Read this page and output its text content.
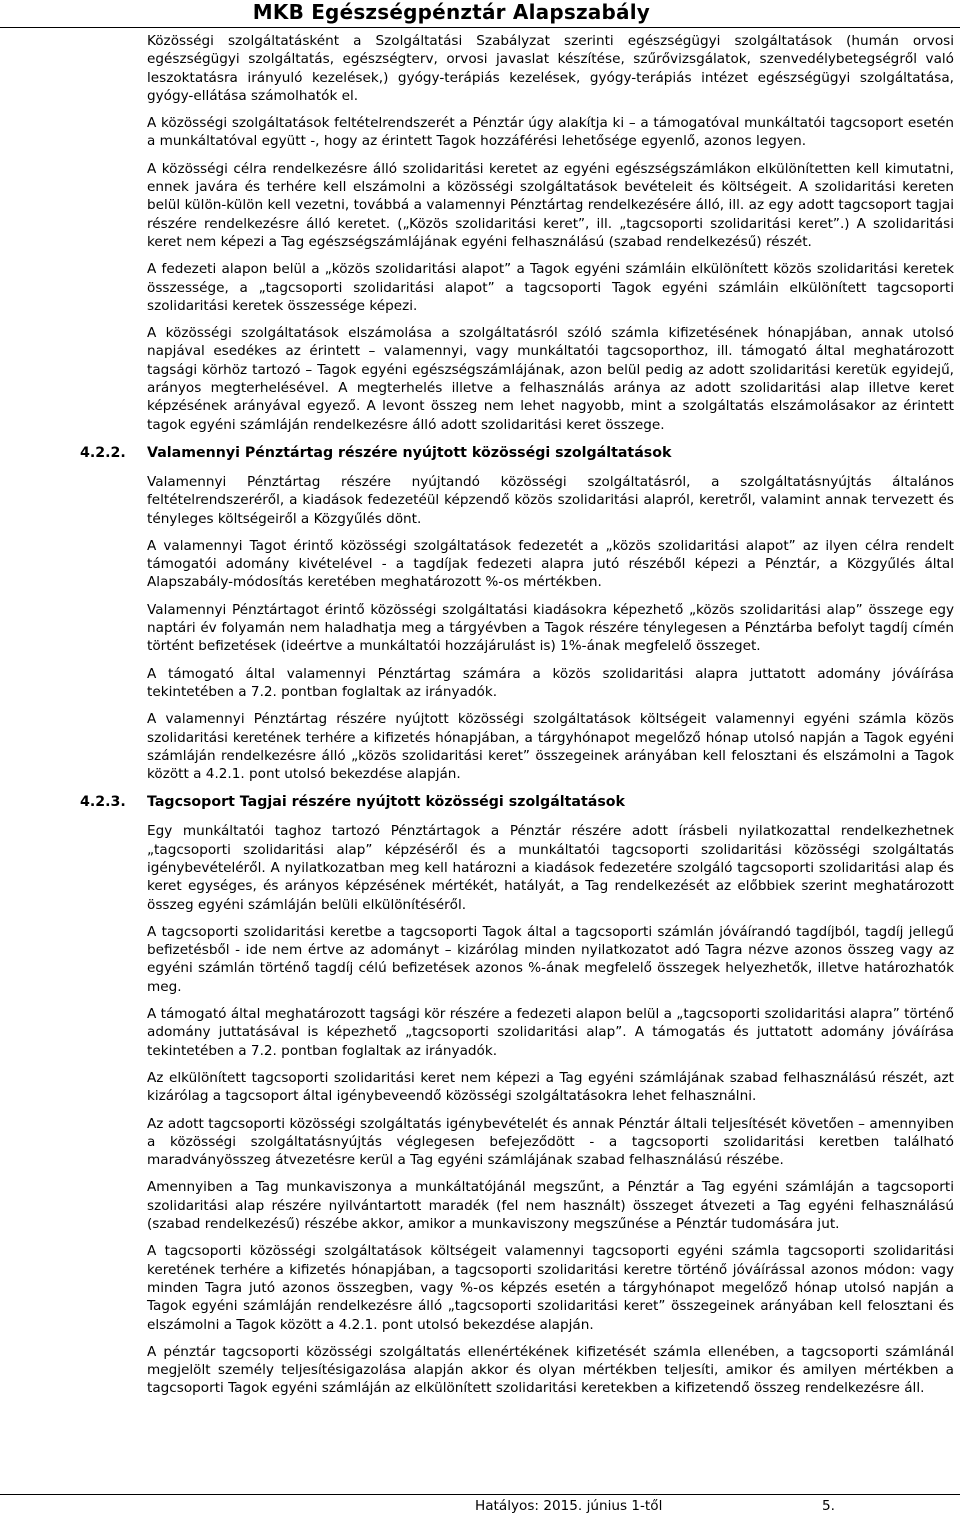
MKB Egészségpénztár Alapszabály

Közösségi szolgáltatásként a Szolgáltatási Szabályzat szerinti egészségügyi szolgáltatások (humán orvosi egészségügyi szolgáltatás, egészségterv, orvosi javaslat készítése, szűrővizsgálatok, szenvedélybetegségről való leszoktatásra irányuló kezelések,) gyógy-terápiás kezelések, gyógy-terápiás intézet egészségügyi szolgáltatása, gyógy-ellátása számolhatók el.

A közösségi szolgáltatások feltételrendszerét a Pénztár úgy alakítja ki – a támogatóval munkáltatói tagcsoport esetén a munkáltatóval együtt -, hogy az érintett Tagok hozzáférési lehetősége egyenlő, azonos legyen.

A közösségi célra rendelkezésre álló szolidaritási keretet az egyéni egészségszámlákon elkülönítetten kell kimutatni, ennek javára és terhére kell elszámolni a közösségi szolgáltatások bevételeit és költségeit. A szolidaritási kereten belül külön-külön kell vezetni, továbbá a valamennyi Pénztártag rendelkezésére álló, ill. az egy adott tagcsoport tagjai részére rendelkezésre álló keretet. („Közös szolidaritási keret”, ill. „tagcsoporti szolidaritási keret”.) A szolidaritási keret nem képezi a Tag egészségszámlájának egyéni felhasználású (szabad rendelkezésű) részét.

A fedezeti alapon belül a „közös szolidaritási alapot” a Tagok egyéni számláin elkülönített közös szolidaritási keretek összessége, a „tagcsoporti szolidaritási alapot” a tagcsoporti Tagok egyéni számláin elkülönített tagcsoporti szolidaritási keretek összessége képezi.

A közösségi szolgáltatások elszámolása a szolgáltatásról szóló számla kifizetésének hónapjában, annak utolsó napjával esedékes az érintett – valamennyi, vagy munkáltatói tagcsoporthoz, ill. támogató által meghatározott tagsági körhöz tartozó – Tagok egyéni egészségszámlájának, azon belül pedig az adott szolidaritási keretük egyidejű, arányos megterhelésével. A megterhelés illetve a felhasználás aránya az adott szolidaritási alap illetve keret képzésének arányával egyező. A levont összeg nem lehet nagyobb, mint a szolgáltatás elszámolásakor az érintett tagok egyéni számláján rendelkezésre álló adott szolidaritási keret összege.

4.2.2. Valamennyi Pénztártag részére nyújtott közösségi szolgáltatások

Valamennyi Pénztártag részére nyújtandó közösségi szolgáltatásról, a szolgáltatásnyújtás általános feltételrendszeréről, a kiadások fedezetéül képzendő közös szolidaritási alapról, keretről, valamint annak tervezett és tényleges költségeiről a Közgyűlés dönt.

A valamennyi Tagot érintő közösségi szolgáltatások fedezetét a „közös szolidaritási alapot” az ilyen célra rendelt támogatói adomány kivételével - a tagdíjak fedezeti alapra jutó részéből képezi a Pénztár, a Közgyűlés által Alapszabály-módosítás keretében meghatározott %-os mértékben.

Valamennyi Pénztártagot érintő közösségi szolgáltatási kiadásokra képezhető „közös szolidaritási alap” összege egy naptári év folyamán nem haladhatja meg a tárgyévben a Tagok részére ténylegesen a Pénztárba befolyt tagdíj címén történt befizetések (ideértve a munkáltatói hozzájárulást is) 1%-ának megfelelő összeget.

A támogató által valamennyi Pénztártag számára a közös szolidaritási alapra juttatott adomány jóváírása tekintetében a 7.2. pontban foglaltak az irányadók.

A valamennyi Pénztártag részére nyújtott közösségi szolgáltatások költségeit valamennyi egyéni számla közös szolidaritási keretének terhére a kifizetés hónapjában, a tárgyhónapot megelőző hónap utolsó napján a Tagok egyéni számláján rendelkezésre álló „közös szolidaritási keret” összegeinek arányában kell felosztani és elszámolni a Tagok között a 4.2.1. pont utolsó bekezdése alapján.

4.2.3. Tagcsoport Tagjai részére nyújtott közösségi szolgáltatások

Egy munkáltatói taghoz tartozó Pénztártagok a Pénztár részére adott írásbeli nyilatkozattal rendelkezhetnek „tagcsoporti szolidaritási alap” képzéséről és a munkáltatói tagcsoporti szolidaritási közösségi szolgáltatás igénybevételéről. A nyilatkozatban meg kell határozni a kiadások fedezetére szolgáló tagcsoporti szolidaritási alap és keret egységes, és arányos képzésének mértékét, hatályát, a Tag rendelkezését az előbbiek szerint meghatározott összeg egyéni számláján belüli elkülönítéséről.

A tagcsoporti szolidaritási keretbe a tagcsoporti Tagok által a tagcsoporti számlán jóváírandó tagdíjból, tagdíj jellegű befizetésből - ide nem értve az adományt – kizárólag minden nyilatkozatot adó Tagra nézve azonos összeg vagy az egyéni számlán történő tagdíj célú befizetések azonos %-ának megfelelő összegek helyezhetők, illetve határozhatók meg.

A támogató által meghatározott tagsági kör részére a fedezeti alapon belül a „tagcsoporti szolidaritási alapra” történő adomány juttatásával is képezhető „tagcsoporti szolidaritási alap”. A támogatás és juttatott adomány jóváírása tekintetében a 7.2. pontban foglaltak az irányadók.

Az elkülönített tagcsoporti szolidaritási keret nem képezi a Tag egyéni számlájának szabad felhasználású részét, azt kizárólag a tagcsoport által igénybeveendő közösségi szolgáltatásokra lehet felhasználni.

Az adott tagcsoporti közösségi szolgáltatás igénybevételét és annak Pénztár általi teljesítését követően – amennyiben a közösségi szolgáltatásnyújtás véglegesen befejeződött - a tagcsoporti szolidaritási keretben található maradványösszeg átvezetésre kerül a Tag egyéni számlájának szabad felhasználású részébe.

Amennyiben a Tag munkaviszonya a munkáltatójánál megszűnt, a Pénztár a Tag egyéni számláján a tagcsoporti szolidaritási alap részére nyilvántartott maradék (fel nem használt) összeget átvezeti a Tag egyéni felhasználású (szabad rendelkezésű) részébe akkor, amikor a munkaviszony megszűnése a Pénztár tudomására jut.

A tagcsoporti közösségi szolgáltatások költségeit valamennyi tagcsoporti egyéni számla tagcsoporti szolidaritási keretének terhére a kifizetés hónapjában, a tagcsoporti szolidaritási keretre történő jóváírással azonos módon: vagy minden Tagra jutó azonos összegben, vagy %-os képzés esetén a tárgyhónapot megelőző hónap utolsó napján a Tagok egyéni számláján rendelkezésre álló „tagcsoporti szolidaritási keret” összegeinek arányában kell felosztani és elszámolni a Tagok között a 4.2.1. pont utolsó bekezdése alapján.

A pénztár tagcsoporti közösségi szolgáltatás ellenértékének kifizetését számla ellenében, a tagcsoporti számlánál megjelölt személy teljesítésigazolása alapján akkor és olyan mértékben teljesíti, amikor és amilyen mértékben a tagcsoporti Tagok egyéni számláján az elkülönített szolidaritási keretekben a kifizetendő összeg rendelkezésre áll.

Hatályos: 2015. június 1-től	5.
